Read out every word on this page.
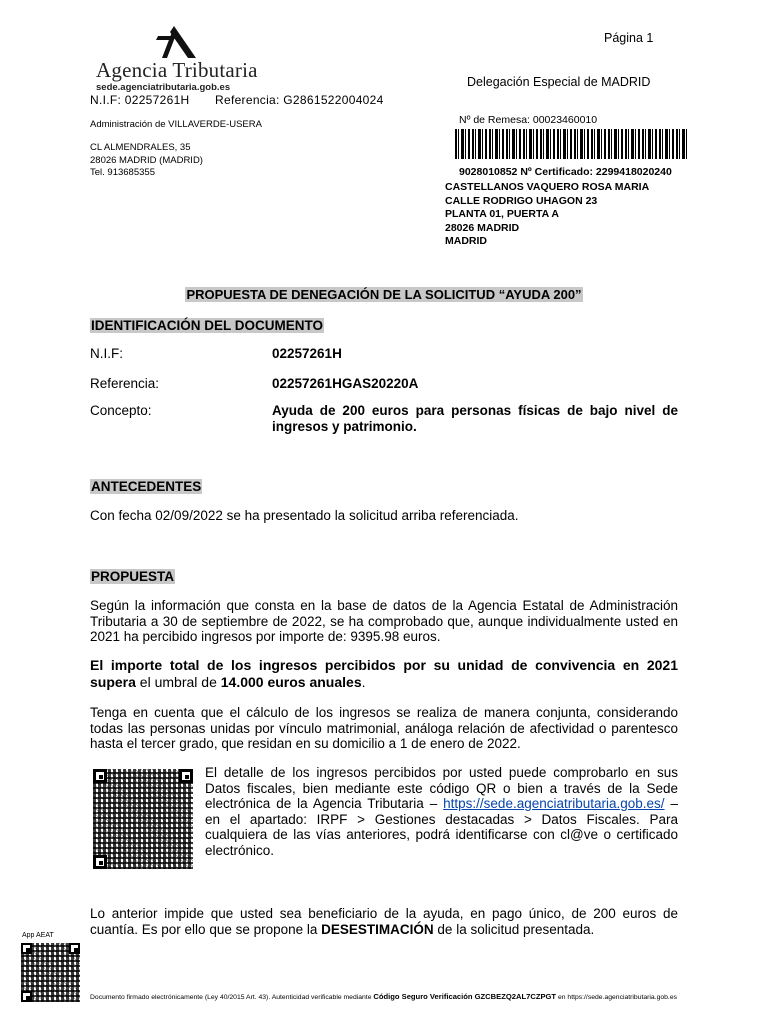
Agencia Tributaria
sede.agenciatributaria.gob.es
Página 1
Delegación Especial de MADRID
N.I.F: 02257261H Referencia: G2861522004024
Administración de VILLAVERDE-USERA
CL ALMENDRALES, 35
28026 MADRID (MADRID)
Tel. 913685355
Nº de Remesa: 00023460010
9028010852 Nº Certificado: 2299418020240
CASTELLANOS VAQUERO ROSA MARIA
CALLE RODRIGO UHAGON 23
PLANTA 01, PUERTA A
28026 MADRID
MADRID
PROPUESTA DE DENEGACIÓN DE LA SOLICITUD “AYUDA 200”
IDENTIFICACIÓN DEL DOCUMENTO
N.I.F:	02257261H
Referencia:	02257261HGAS20220A
Concepto:	Ayuda de 200 euros para personas físicas de bajo nivel de ingresos y patrimonio.
ANTECEDENTES
Con fecha 02/09/2022 se ha presentado la solicitud arriba referenciada.
PROPUESTA
Según la información que consta en la base de datos de la Agencia Estatal de Administración Tributaria a 30 de septiembre de 2022, se ha comprobado que, aunque individualmente usted en 2021 ha percibido ingresos por importe de: 9395.98 euros.
El importe total de los ingresos percibidos por su unidad de convivencia en 2021 supera el umbral de 14.000 euros anuales.
Tenga en cuenta que el cálculo de los ingresos se realiza de manera conjunta, considerando todas las personas unidas por vínculo matrimonial, análoga relación de afectividad o parentesco hasta el tercer grado, que residan en su domicilio a 1 de enero de 2022.
El detalle de los ingresos percibidos por usted puede comprobarlo en sus Datos fiscales, bien mediante este código QR o bien a través de la Sede electrónica de la Agencia Tributaria – https://sede.agenciatributaria.gob.es/ – en el apartado: IRPF > Gestiones destacadas > Datos Fiscales. Para cualquiera de las vías anteriores, podrá identificarse con cl@ve o certificado electrónico.
Lo anterior impide que usted sea beneficiario de la ayuda, en pago único, de 200 euros de cuantía. Es por ello que se propone la DESESTIMACIÓN de la solicitud presentada.
App AEAT
Documento firmado electrónicamente (Ley 40/2015 Art. 43). Autenticidad verificable mediante Código Seguro Verificación GZCBEZQ2AL7CZPGT en https://sede.agenciatributaria.gob.es
